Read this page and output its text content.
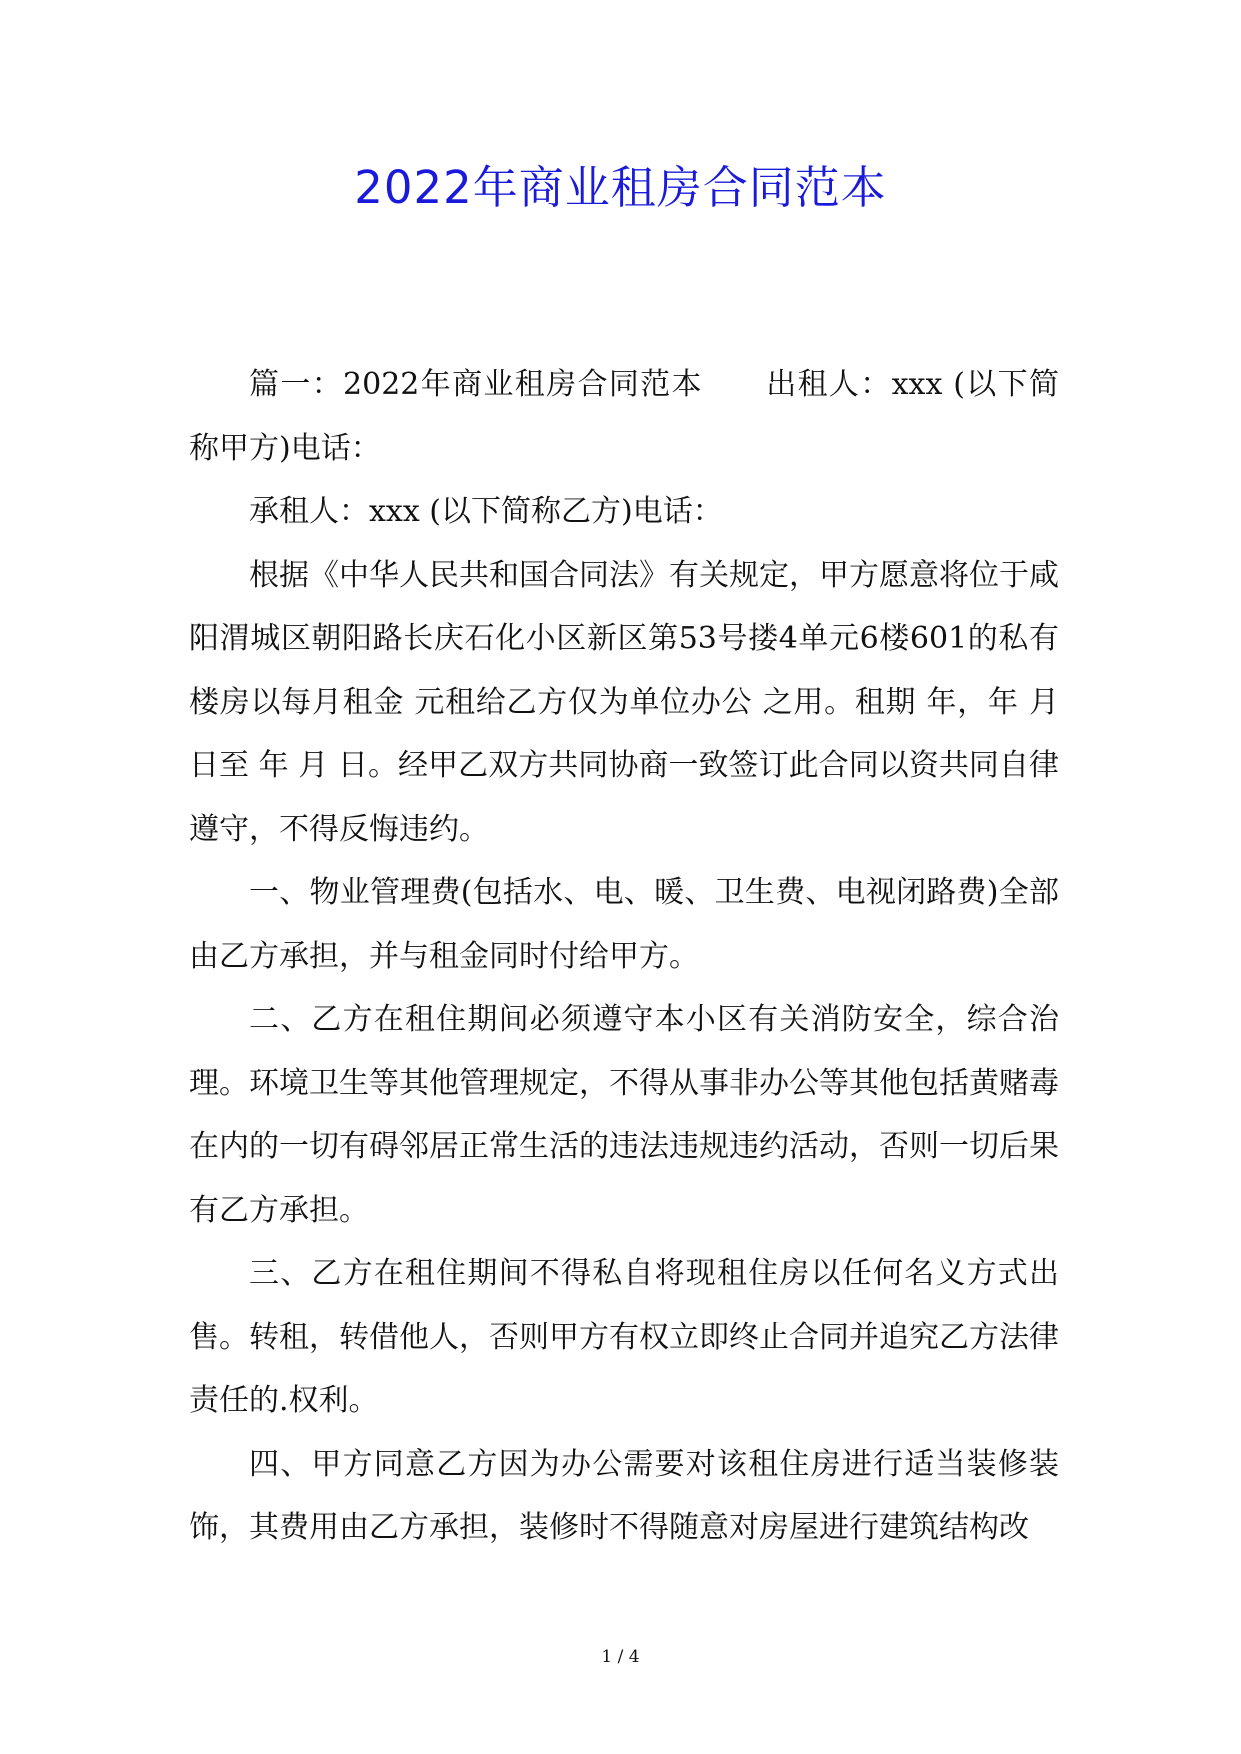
2022年商业租房合同范本

篇一：2022年商业租房合同范本 出租人：xxx (以下简称甲方)电话：

承租人：xxx (以下简称乙方)电话：

根据《中华人民共和国合同法》有关规定，甲方愿意将位于咸阳渭城区朝阳路长庆石化小区新区第53号搂4单元6楼601的私有楼房以每月租金 元租给乙方仅为单位办公 之用。租期 年，年 月 日至 年 月 日。经甲乙双方共同协商一致签订此合同以资共同自律遵守，不得反悔违约。

一、物业管理费(包括水、电、暖、卫生费、电视闭路费)全部由乙方承担，并与租金同时付给甲方。

二、乙方在租住期间必须遵守本小区有关消防安全，综合治理。环境卫生等其他管理规定，不得从事非办公等其他包括黄赌毒在内的一切有碍邻居正常生活的违法违规违约活动，否则一切后果有乙方承担。

三、乙方在租住期间不得私自将现租住房以任何名义方式出售。转租，转借他人，否则甲方有权立即终止合同并追究乙方法律责任的.权利。

四、甲方同意乙方因为办公需要对该租住房进行适当装修装饰，其费用由乙方承担，装修时不得随意对房屋进行建筑结构改

1 / 4
